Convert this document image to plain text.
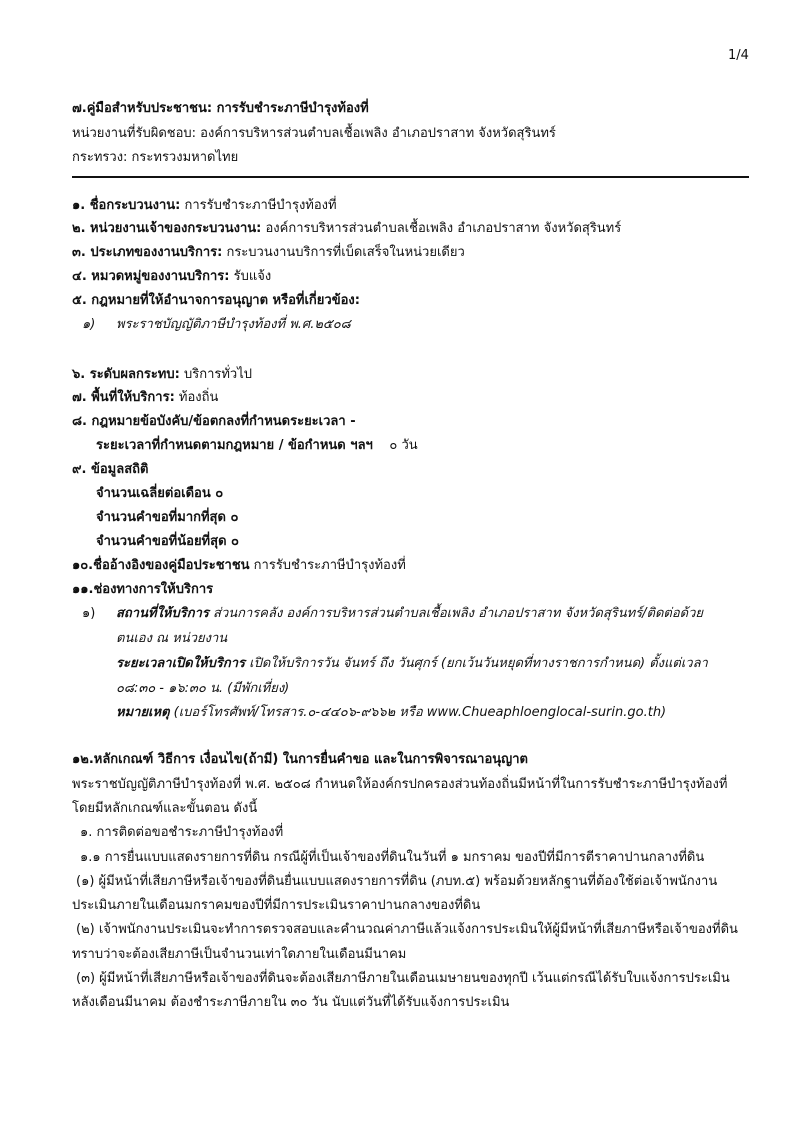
1/4
๗.คู่มือสำหรับประชาชน: การรับชำระภาษีบำรุงท้องที่
หน่วยงานที่รับผิดชอบ: องค์การบริหารส่วนตำบลเชื้อเพลิง อำเภอปราสาท จังหวัดสุรินทร์
กระทรวง: กระทรวงมหาดไทย
๑. ชื่อกระบวนงาน: การรับชำระภาษีบำรุงท้องที่
๒. หน่วยงานเจ้าของกระบวนงาน: องค์การบริหารส่วนตำบลเชื้อเพลิง อำเภอปราสาท จังหวัดสุรินทร์
๓. ประเภทของงานบริการ: กระบวนงานบริการที่เบ็ดเสร็จในหน่วยเดียว
๔. หมวดหมู่ของงานบริการ: รับแจ้ง
๕. กฎหมายที่ให้อำนาจการอนุญาต หรือที่เกี่ยวข้อง:
๑) พระราชบัญญัติภาษีบำรุงท้องที่ พ.ศ.๒๕๐๘
๖. ระดับผลกระทบ: บริการทั่วไป
๗. พื้นที่ให้บริการ: ท้องถิ่น
๘. กฎหมายข้อบังคับ/ข้อตกลงที่กำหนดระยะเวลา -
ระยะเวลาที่กำหนดตามกฎหมาย / ข้อกำหนด ฯลฯ ๐ วัน
๙. ข้อมูลสถิติ
จำนวนเฉลี่ยต่อเดือน ๐
จำนวนคำขอที่มากที่สุด ๐
จำนวนคำขอที่น้อยที่สุด ๐
๑๐.ชื่ออ้างอิงของคู่มือประชาชน การรับชำระภาษีบำรุงท้องที่
๑๑.ช่องทางการให้บริการ
๑) สถานที่ให้บริการ ส่วนการคลัง องค์การบริหารส่วนตำบลเชื้อเพลิง อำเภอปราสาท จังหวัดสุรินทร์/ติดต่อด้วย
ตนเอง ณ หน่วยงาน
ระยะเวลาเปิดให้บริการ เปิดให้บริการวัน จันทร์ ถึง วันศุกร์ (ยกเว้นวันหยุดที่ทางราชการกำหนด) ตั้งแต่เวลา
๐๘:๓๐ - ๑๖:๓๐ น. (มีพักเที่ยง)
หมายเหตุ (เบอร์โทรศัพท์/โทรสาร.๐-๔๔๐๖-๙๖๖๒ หรือ www.Chueaphloenglocal-surin.go.th)
๑๒.หลักเกณฑ์ วิธีการ เงื่อนไข(ถ้ามี) ในการยื่นคำขอ และในการพิจารณาอนุญาต
พระราชบัญญัติภาษีบำรุงท้องที่ พ.ศ. ๒๕๐๘ กำหนดให้องค์กรปกครองส่วนท้องถิ่นมีหน้าที่ในการรับชำระภาษีบำรุงท้องที่
โดยมีหลักเกณฑ์และขั้นตอน ดังนี้
๑. การติดต่อขอชำระภาษีบำรุงท้องที่
๑.๑ การยื่นแบบแสดงรายการที่ดิน กรณีผู้ที่เป็นเจ้าของที่ดินในวันที่ ๑ มกราคม ของปีที่มีการตีราคาปานกลางที่ดิน
(๑) ผู้มีหน้าที่เสียภาษีหรือเจ้าของที่ดินยื่นแบบแสดงรายการที่ดิน (ภบท.๕) พร้อมด้วยหลักฐานที่ต้องใช้ต่อเจ้าพนักงาน
ประเมินภายในเดือนมกราคมของปีที่มีการประเมินราคาปานกลางของที่ดิน
(๒) เจ้าพนักงานประเมินจะทำการตรวจสอบและคำนวณค่าภาษีแล้วแจ้งการประเมินให้ผู้มีหน้าที่เสียภาษีหรือเจ้าของที่ดิน
ทราบว่าจะต้องเสียภาษีเป็นจำนวนเท่าใดภายในเดือนมีนาคม
(๓) ผู้มีหน้าที่เสียภาษีหรือเจ้าของที่ดินจะต้องเสียภาษีภายในเดือนเมษายนของทุกปี เว้นแต่กรณีได้รับใบแจ้งการประเมิน
หลังเดือนมีนาคม ต้องชำระภาษีภายใน ๓๐ วัน นับแต่วันที่ได้รับแจ้งการประเมิน
